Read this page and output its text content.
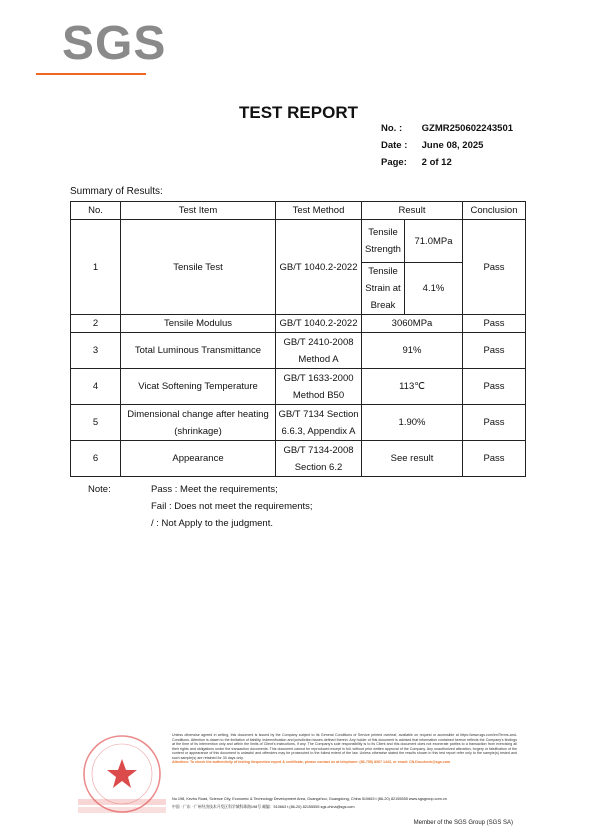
SGS
TEST REPORT
No. : GZMR250602243501
Date : June 08, 2025
Page: 2 of 12
Summary of Results:
No.	Test Item	Test Method	Result		Conclusion
1	Tensile Test	GB/T 1040.2-2022	Tensile Strength	71.0MPa	Pass
			Tensile Strain at Break	4.1%	
2	Tensile Modulus	GB/T 1040.2-2022	3060MPa		Pass
3	Total Luminous Transmittance	GB/T 2410-2008 Method A	91%		Pass
4	Vicat Softening Temperature	GB/T 1633-2000 Method B50	113℃		Pass
5	Dimensional change after heating (shrinkage)	GB/T 7134 Section 6.6.3, Appendix A	1.90%		Pass
6	Appearance	GB/T 7134-2008 Section 6.2	See result		Pass
Note:	Pass : Meet the requirements;
Fail : Does not meet the requirements;
/ : Not Apply to the judgment.
Unless otherwise agreed in writing, this document is issued by the Company subject to its General Conditions of Service printed overleaf, available on request or accessible at https://www.sgs.com/en/Terms-and-Conditions. Attention is drawn to the limitation of liability, indemnification and jurisdiction issues defined therein. Any holder of this document is advised that information contained hereon reflects the Company's findings at the time of its intervention only and within the limits of Client's instructions, if any. The Company's sole responsibility is to its Client and this document does not exonerate parties to a transaction from exercising all their rights and obligations under the transaction documents. This document cannot be reproduced except in full, without prior written approval of the Company. Any unauthorized alteration, forgery or falsification of the content or appearance of this document is unlawful and offenders may be prosecuted to the fullest extent of the law. Unless otherwise stated the results shown in this test report refer only to the sample(s) tested and such sample(s) are retained for 30 days only.
Attention: To check the authenticity of testing /inspection report & certificate, please contact us at telephone: (86-755) 8307 1443, or email: CN.Doccheck@sgs.com
No.198, Kezhu Road, Science City, Economic & Technology Development Area, Guangzhou, Guangdong, China 510663 t (86-20) 82155555 www.sgsgroup.com.cn
中国 · 广东 · 广州经济技术开发区科学城科珠路198号 邮编：510663 t (86-20) 82155555 sgs.china@sgs.com
Member of the SGS Group (SGS SA)
